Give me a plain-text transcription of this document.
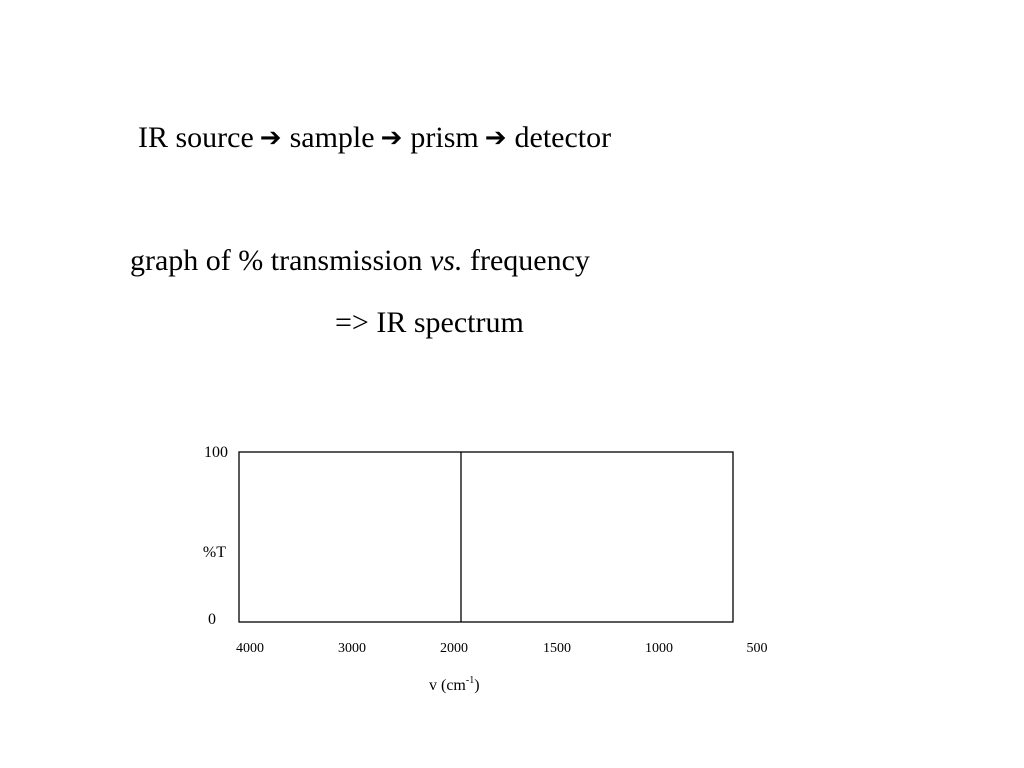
IR source ➔ sample ➔ prism ➔ detector
graph of % transmission vs. frequency
=> IR spectrum
100
%T
0
4000	3000	2000	1500	1000	500
v $(cm^{-1})$
